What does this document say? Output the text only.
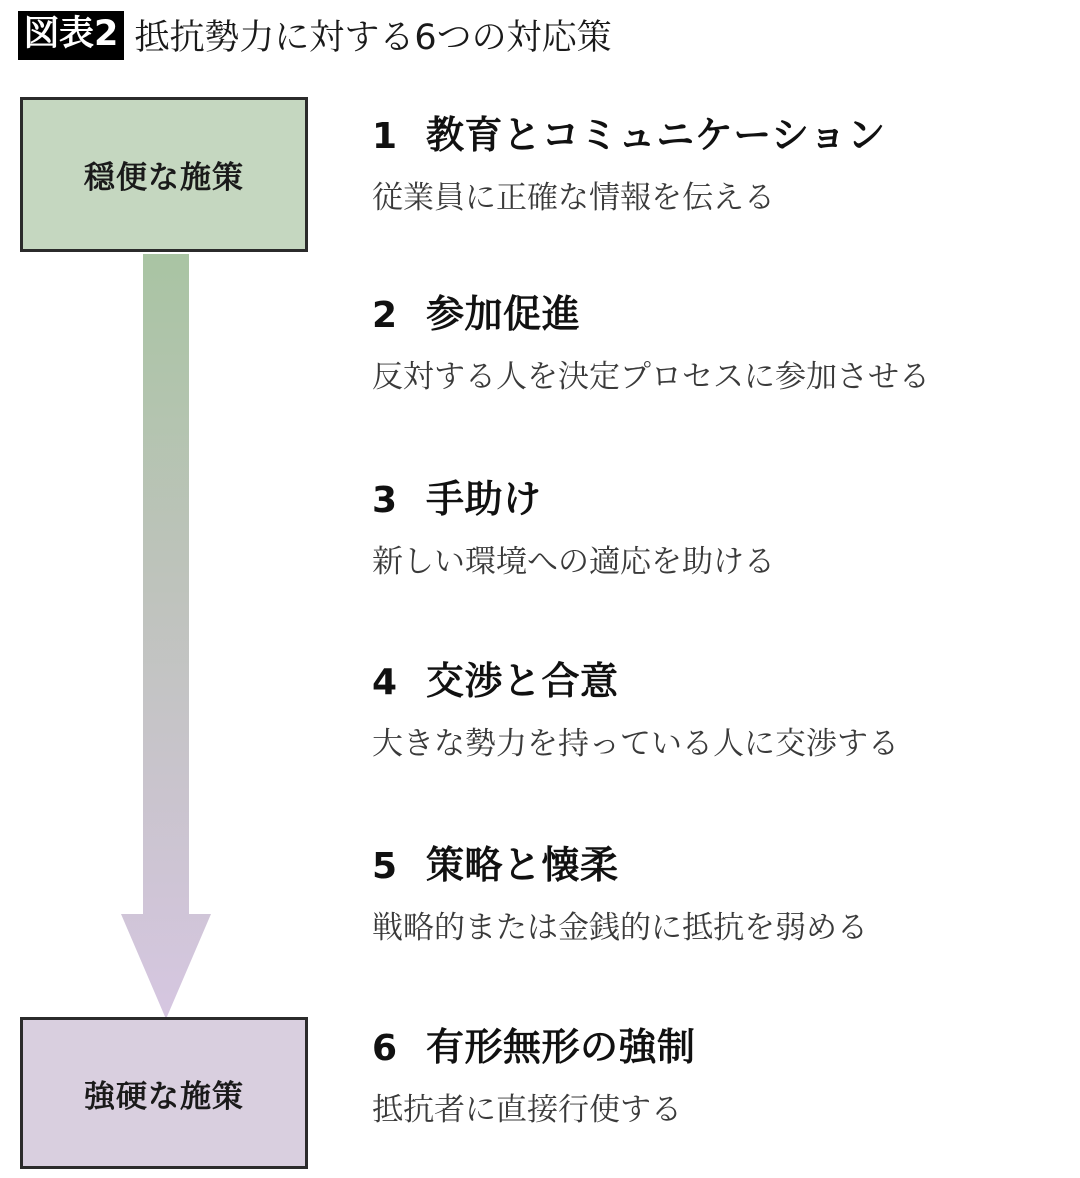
図表2 抵抗勢力に対する6つの対応策
穏便な施策
強硬な施策
1 教育とコミュニケーション
従業員に正確な情報を伝える
2 参加促進
反対する人を決定プロセスに参加させる
3 手助け
新しい環境への適応を助ける
4 交渉と合意
大きな勢力を持っている人に交渉する
5 策略と懐柔
戦略的または金銭的に抵抗を弱める
6 有形無形の強制
抵抗者に直接行使する
